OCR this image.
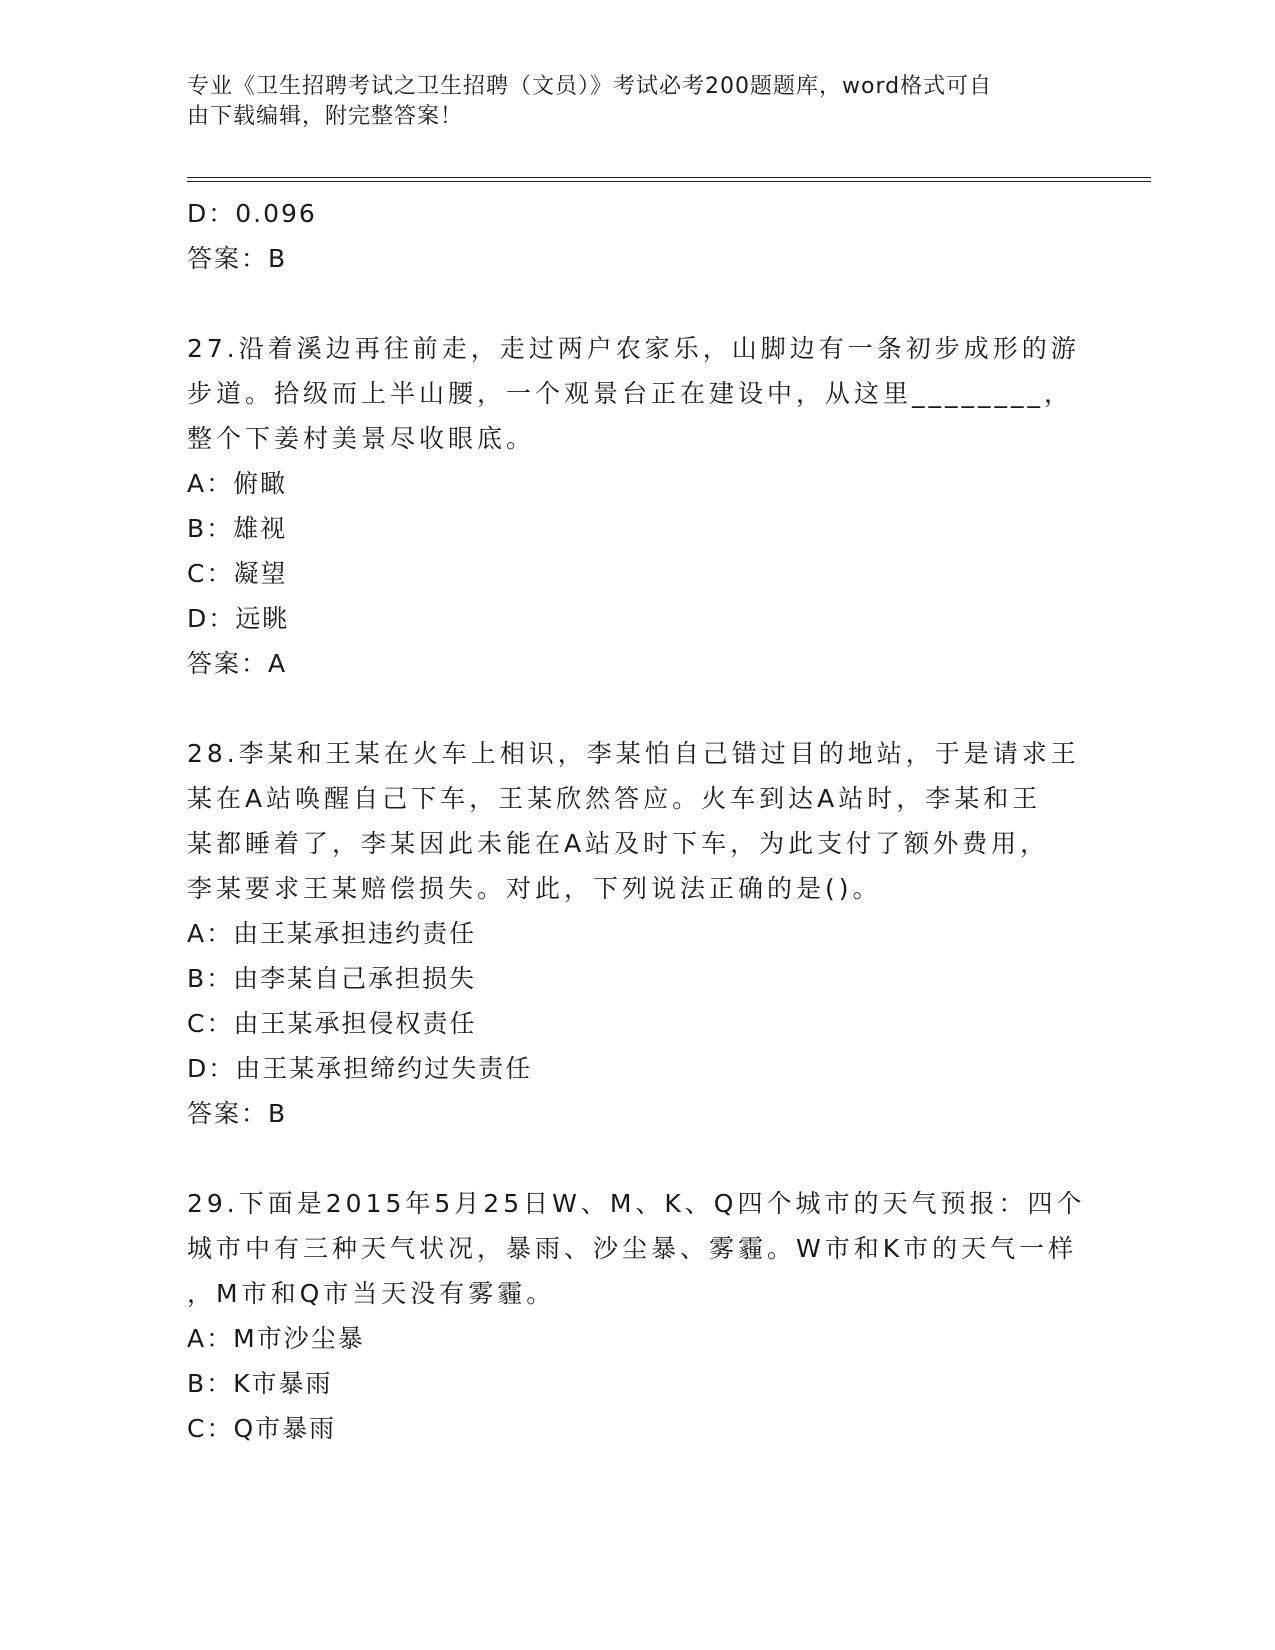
专业《卫生招聘考试之卫生招聘（文员）》考试必考200题题库，word格式可自
由下载编辑，附完整答案！
D：0.096
答案：B
27.沿着溪边再往前走，走过两户农家乐，山脚边有一条初步成形的游
步道。拾级而上半山腰，一个观景台正在建设中，从这里________，
整个下姜村美景尽收眼底。
A：俯瞰
B：雄视
C：凝望
D：远眺
答案：A
28.李某和王某在火车上相识，李某怕自己错过目的地站，于是请求王
某在A站唤醒自己下车，王某欣然答应。火车到达A站时，李某和王
某都睡着了，李某因此未能在A站及时下车，为此支付了额外费用，
李某要求王某赔偿损失。对此，下列说法正确的是()。
A：由王某承担违约责任
B：由李某自己承担损失
C：由王某承担侵权责任
D：由王某承担缔约过失责任
答案：B
29.下面是2015年5月25日W、M、K、Q四个城市的天气预报：四个
城市中有三种天气状况，暴雨、沙尘暴、雾霾。W市和K市的天气一样
，M市和Q市当天没有雾霾。
A：M市沙尘暴
B：K市暴雨
C：Q市暴雨
